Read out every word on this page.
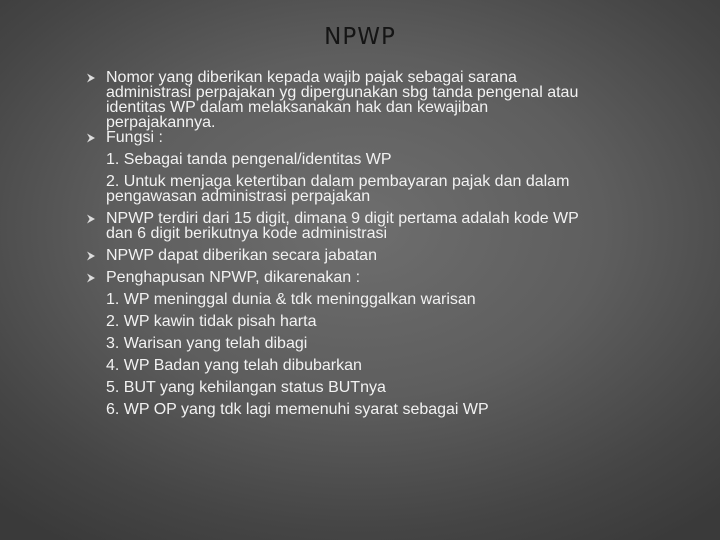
NPWP
Nomor yang diberikan kepada wajib pajak sebagai sarana
administrasi perpajakan yg dipergunakan sbg tanda pengenal atau
identitas WP dalam melaksanakan hak dan kewajiban
perpajakannya.
Fungsi :
1. Sebagai tanda pengenal/identitas WP
2. Untuk menjaga ketertiban dalam pembayaran pajak dan dalam
pengawasan administrasi perpajakan
NPWP terdiri dari 15 digit, dimana 9 digit pertama adalah kode WP
dan 6 digit berikutnya kode administrasi
NPWP dapat diberikan secara jabatan
Penghapusan NPWP, dikarenakan :
1. WP meninggal dunia & tdk meninggalkan warisan
2. WP kawin tidak pisah harta
3. Warisan yang telah dibagi
4. WP Badan yang telah dibubarkan
5. BUT yang kehilangan status BUTnya
6. WP OP yang tdk lagi memenuhi syarat sebagai WP
